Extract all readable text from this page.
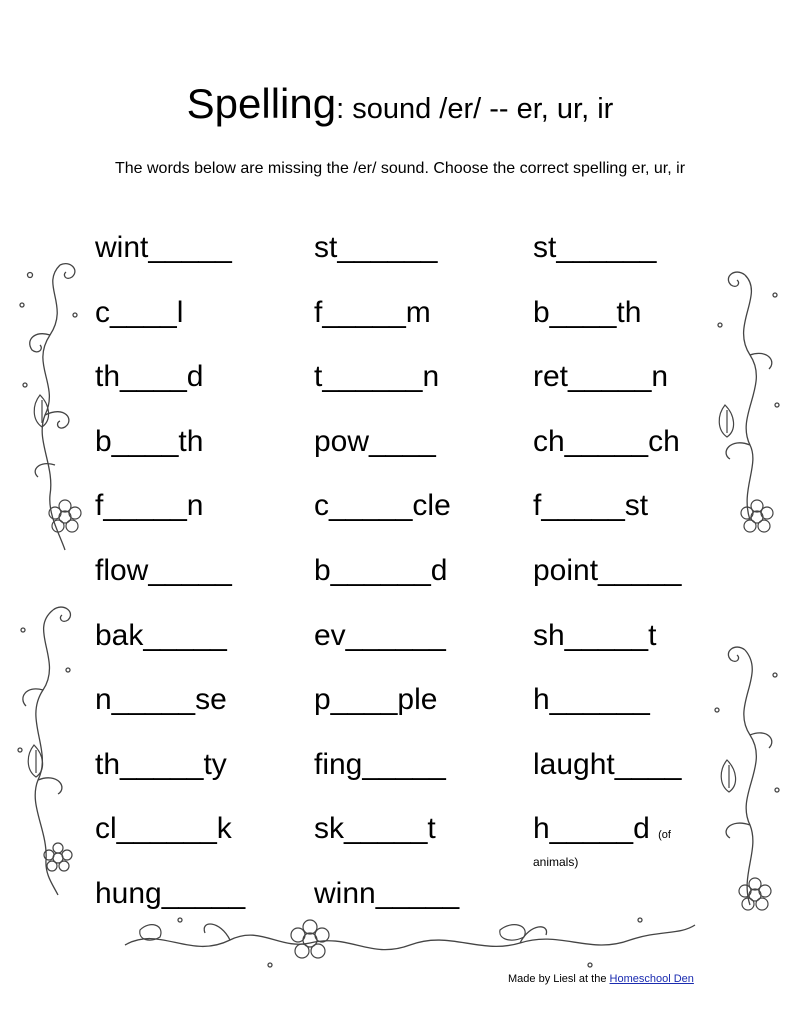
Spelling: sound /er/ -- er, ur, ir
The words below are missing the /er/ sound. Choose the correct spelling er, ur, ir
wint_____	st______	st______
c____l	f_____m	b____th
th____d	t______n	ret_____n
b____th	pow____	ch_____ch
f_____n	c_____cle	f_____st
flow_____	b______d	point_____
bak_____	ev______	sh_____t
n_____se	p____ple	h______
th_____ty	fing_____	laught____
cl______k	sk_____t	h_____d (of
hung_____ winn_____
animals)
Made by Liesl at the Homeschool Den
